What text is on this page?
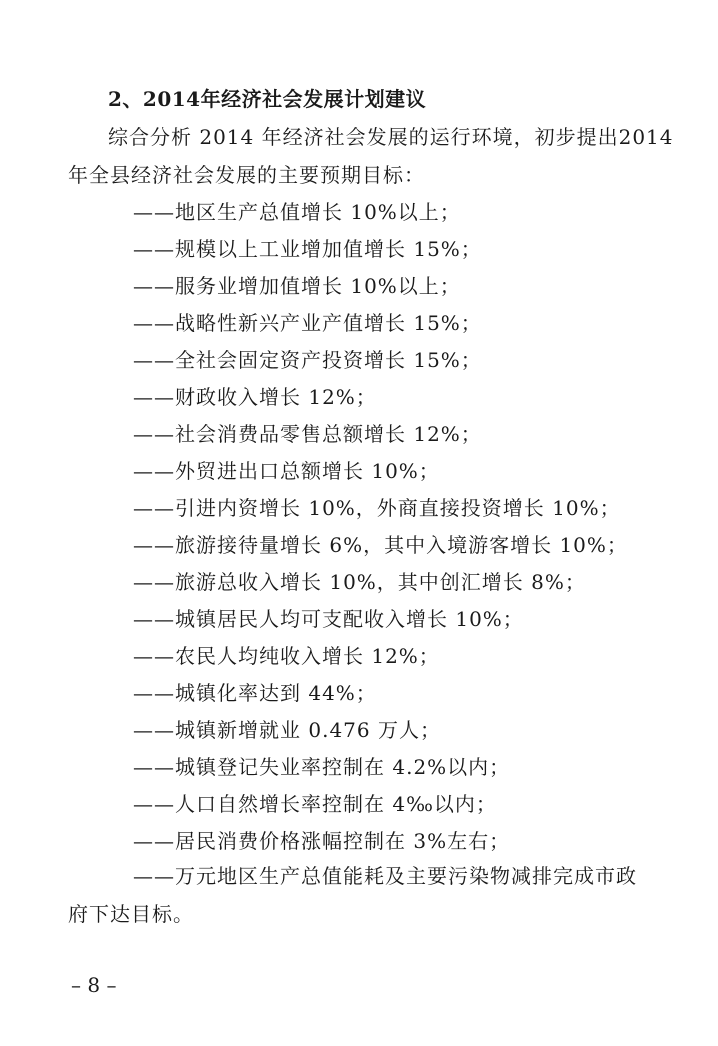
2、2014年经济社会发展计划建议
综合分析 2014 年经济社会发展的运行环境，初步提出2014
年全县经济社会发展的主要预期目标：
——地区生产总值增长 10%以上；
——规模以上工业增加值增长 15%；
——服务业增加值增长 10%以上；
——战略性新兴产业产值增长 15%；
——全社会固定资产投资增长 15%；
——财政收入增长 12%；
——社会消费品零售总额增长 12%；
——外贸进出口总额增长 10%；
——引进内资增长 10%，外商直接投资增长 10%；
——旅游接待量增长 6%，其中入境游客增长 10%；
——旅游总收入增长 10%，其中创汇增长 8%；
——城镇居民人均可支配收入增长 10%；
——农民人均纯收入增长 12%；
——城镇化率达到 44%；
——城镇新增就业 0.476 万人；
——城镇登记失业率控制在 4.2%以内；
——人口自然增长率控制在 4‰以内；
——居民消费价格涨幅控制在 3%左右；
——万元地区生产总值能耗及主要污染物减排完成市政
府下达目标。
– 8 –
